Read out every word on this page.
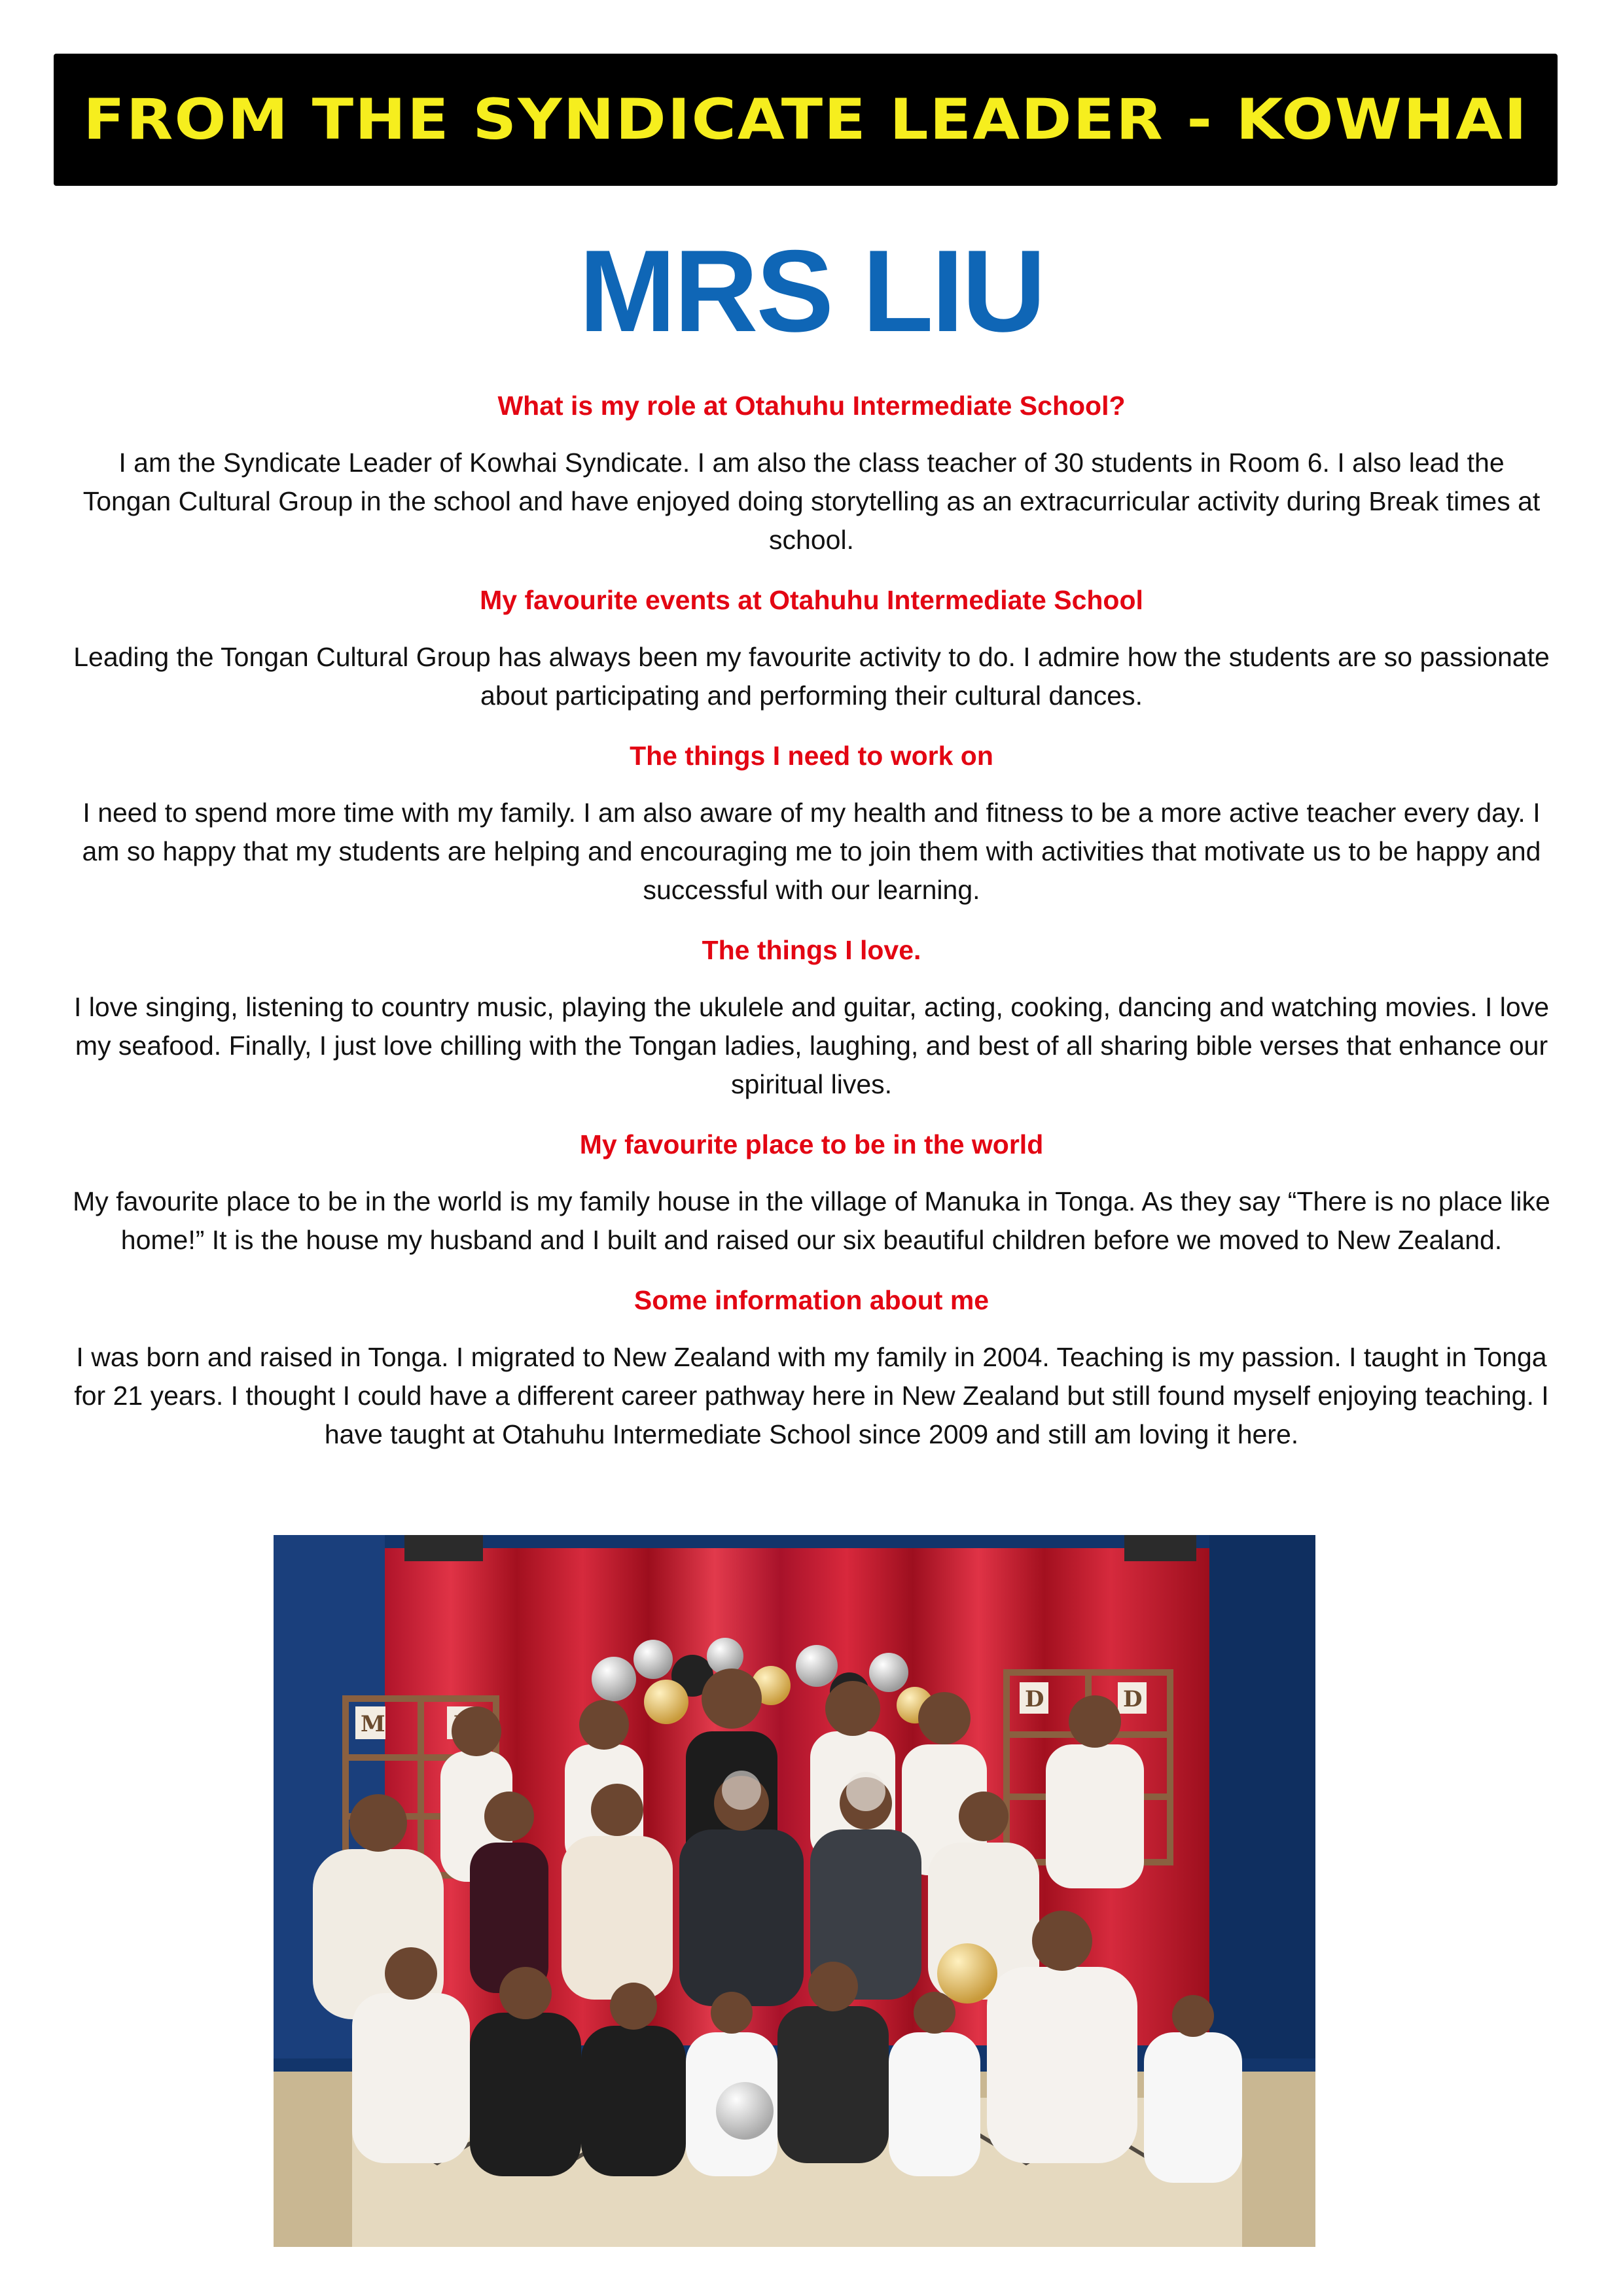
FROM THE SYNDICATE LEADER - KOWHAI
MRS LIU
What is my role at Otahuhu Intermediate School?
I am the Syndicate Leader of Kowhai Syndicate. I am also the class teacher of 30 students in Room 6. I also lead the Tongan Cultural Group in the school and have enjoyed doing storytelling as an extracurricular activity during Break times at school.
My favourite events at Otahuhu Intermediate School
Leading the Tongan Cultural Group has always been my favourite activity to do. I admire how the students are so passionate about participating and performing their cultural dances.
The things I need to work on
I need to spend more time with my family. I am also aware of my health and fitness to be a more active teacher every day. I am so happy that my students are helping and encouraging me to join them with activities that motivate us to be happy and successful with our learning.
The things I love.
I love singing, listening to country music, playing the ukulele and guitar, acting, cooking, dancing and watching movies. I love my seafood. Finally, I just love chilling with the Tongan ladies, laughing, and best of all sharing bible verses that enhance our spiritual lives.
My favourite place to be in the world
My favourite place to be in the world is my family house in the village of Manuka in Tonga. As they say “There is no place like home!” It is the house my husband and I built and raised our six beautiful children before we moved to New Zealand.
Some information about me
I was born and raised in Tonga. I migrated to New Zealand with my family in 2004. Teaching is my passion. I taught in Tonga for 21 years. I thought I could have a different career pathway here in New Zealand but still found myself enjoying teaching. I have taught at Otahuhu Intermediate School since 2009 and still am loving it here.
M
D	D
